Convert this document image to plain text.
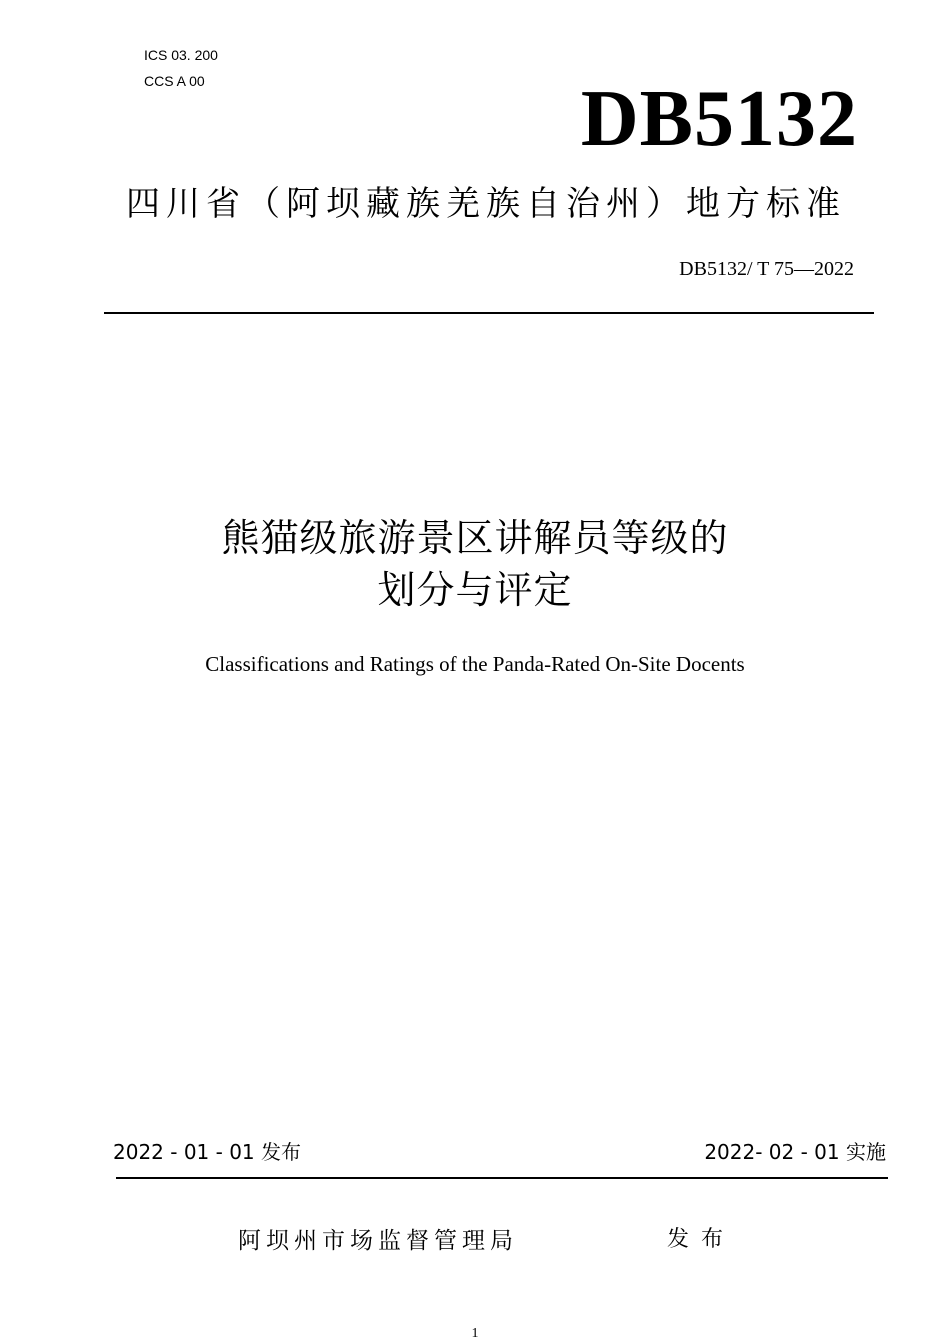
ICS 03. 200
CCS A 00	DB5132
四川省（阿坝藏族羌族自治州）地方标准
DB5132/ T 75—2022
熊猫级旅游景区讲解员等级的
划分与评定
Classifications and Ratings of the Panda-Rated On-Site Docents
2022 - 01 - 01 发布	2022- 02 - 01 实施
阿坝州市场监督管理局	发布
1
